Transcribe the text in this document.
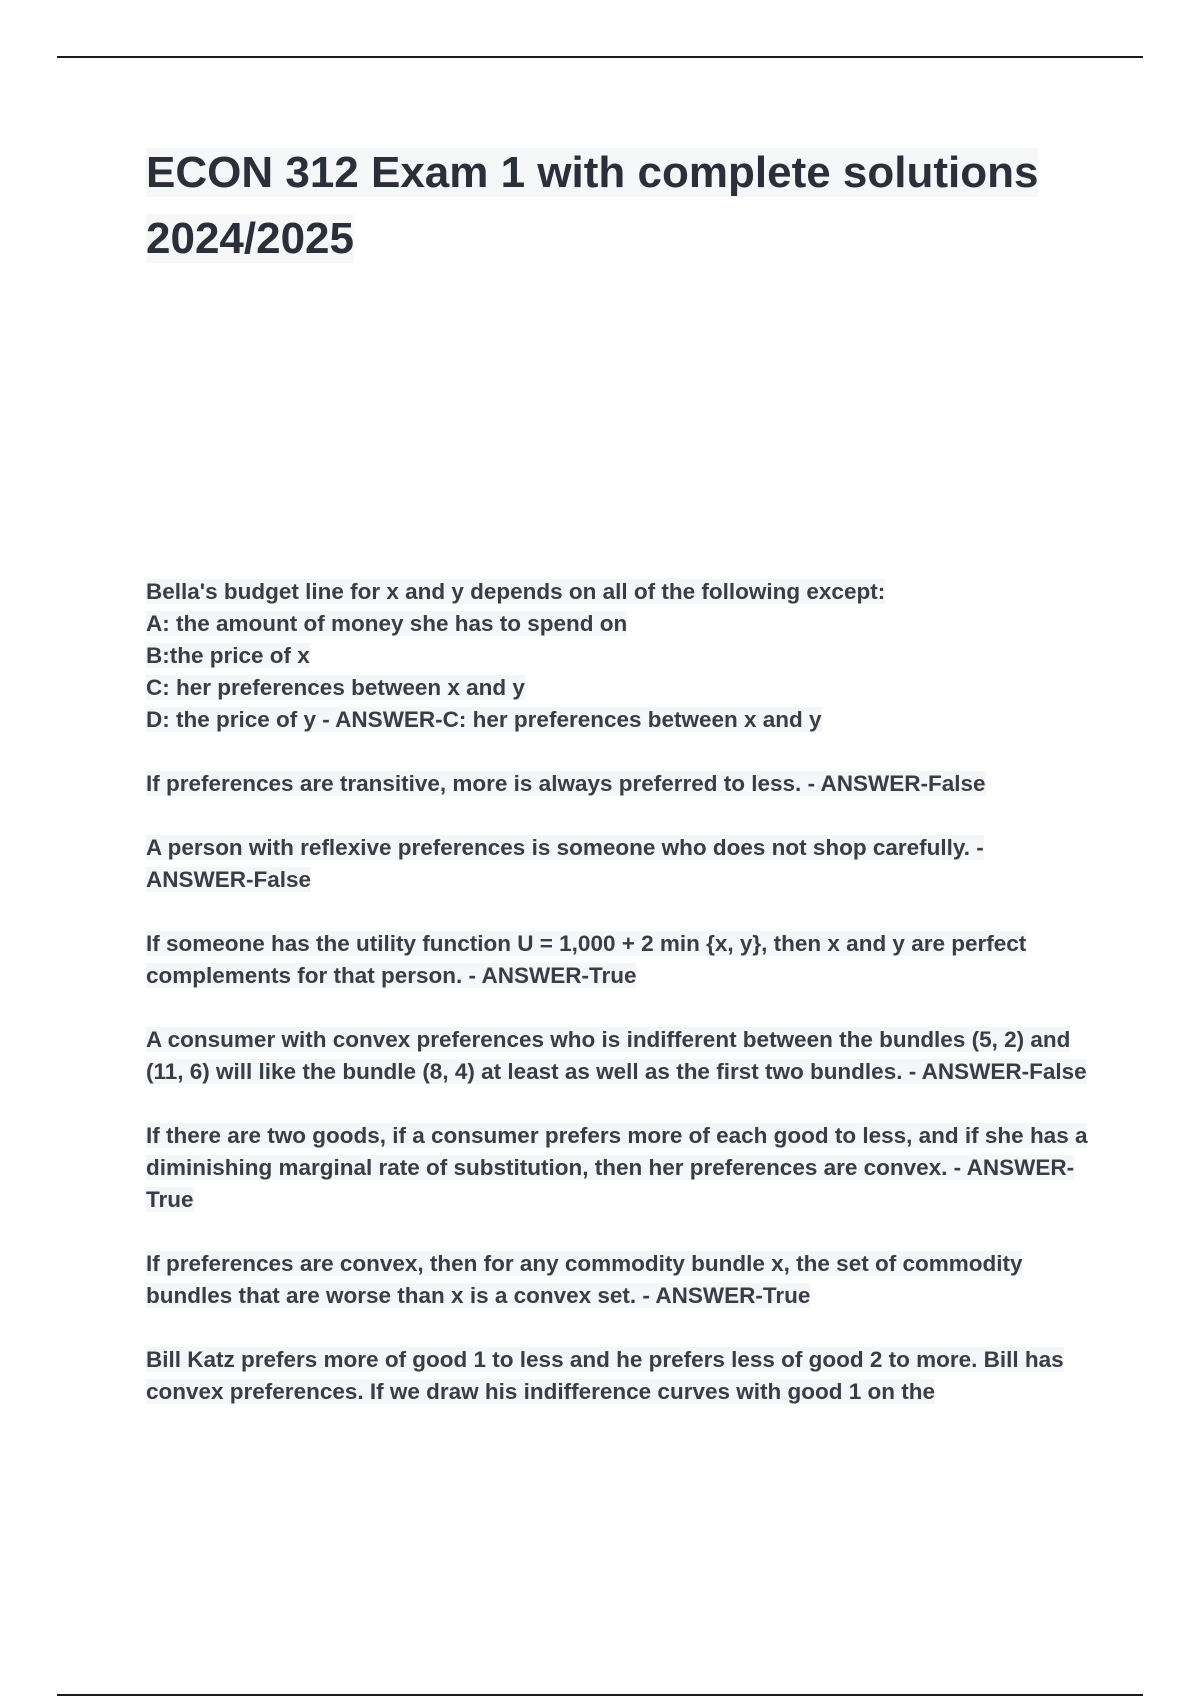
ECON 312 Exam 1 with complete solutions 2024/2025

Bella's budget line for x and y depends on all of the following except:
A: the amount of money she has to spend on
B:the price of x
C: her preferences between x and y
D: the price of y - ANSWER-C: her preferences between x and y

If preferences are transitive, more is always preferred to less. - ANSWER-False

A person with reflexive preferences is someone who does not shop carefully. - ANSWER-False

If someone has the utility function U = 1,000 + 2 min {x, y}, then x and y are perfect complements for that person. - ANSWER-True

A consumer with convex preferences who is indifferent between the bundles (5, 2) and (11, 6) will like the bundle (8, 4) at least as well as the first two bundles. - ANSWER-False

If there are two goods, if a consumer prefers more of each good to less, and if she has a diminishing marginal rate of substitution, then her preferences are convex. - ANSWER-True

If preferences are convex, then for any commodity bundle x, the set of commodity bundles that are worse than x is a convex set. - ANSWER-True

Bill Katz prefers more of good 1 to less and he prefers less of good 2 to more. Bill has convex preferences. If we draw his indifference curves with good 1 on the
